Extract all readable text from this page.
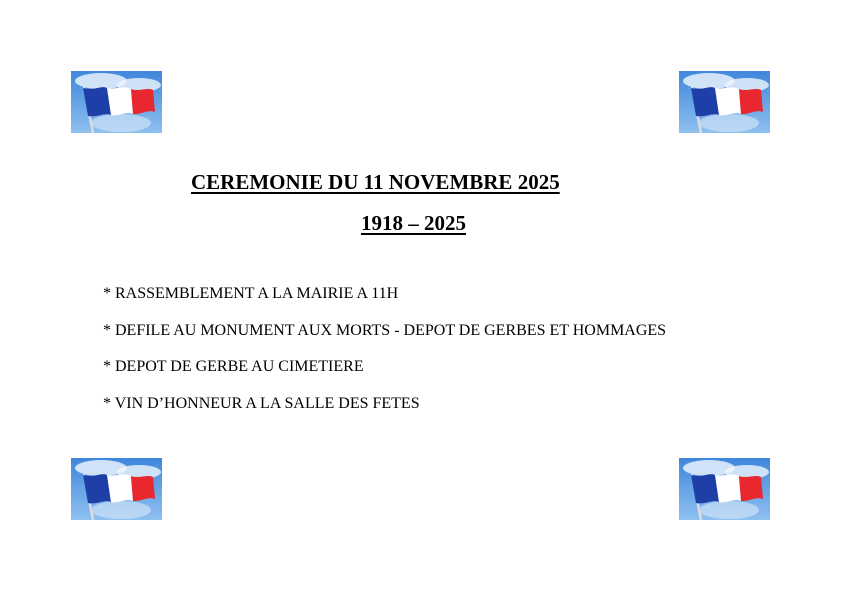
CEREMONIE DU 11 NOVEMBRE 2025
1918 – 2025
* RASSEMBLEMENT A LA MAIRIE A 11H
* DEFILE AU MONUMENT AUX MORTS - DEPOT DE GERBES ET HOMMAGES
* DEPOT DE GERBE AU CIMETIERE
* VIN D’HONNEUR A LA SALLE DES FETES
